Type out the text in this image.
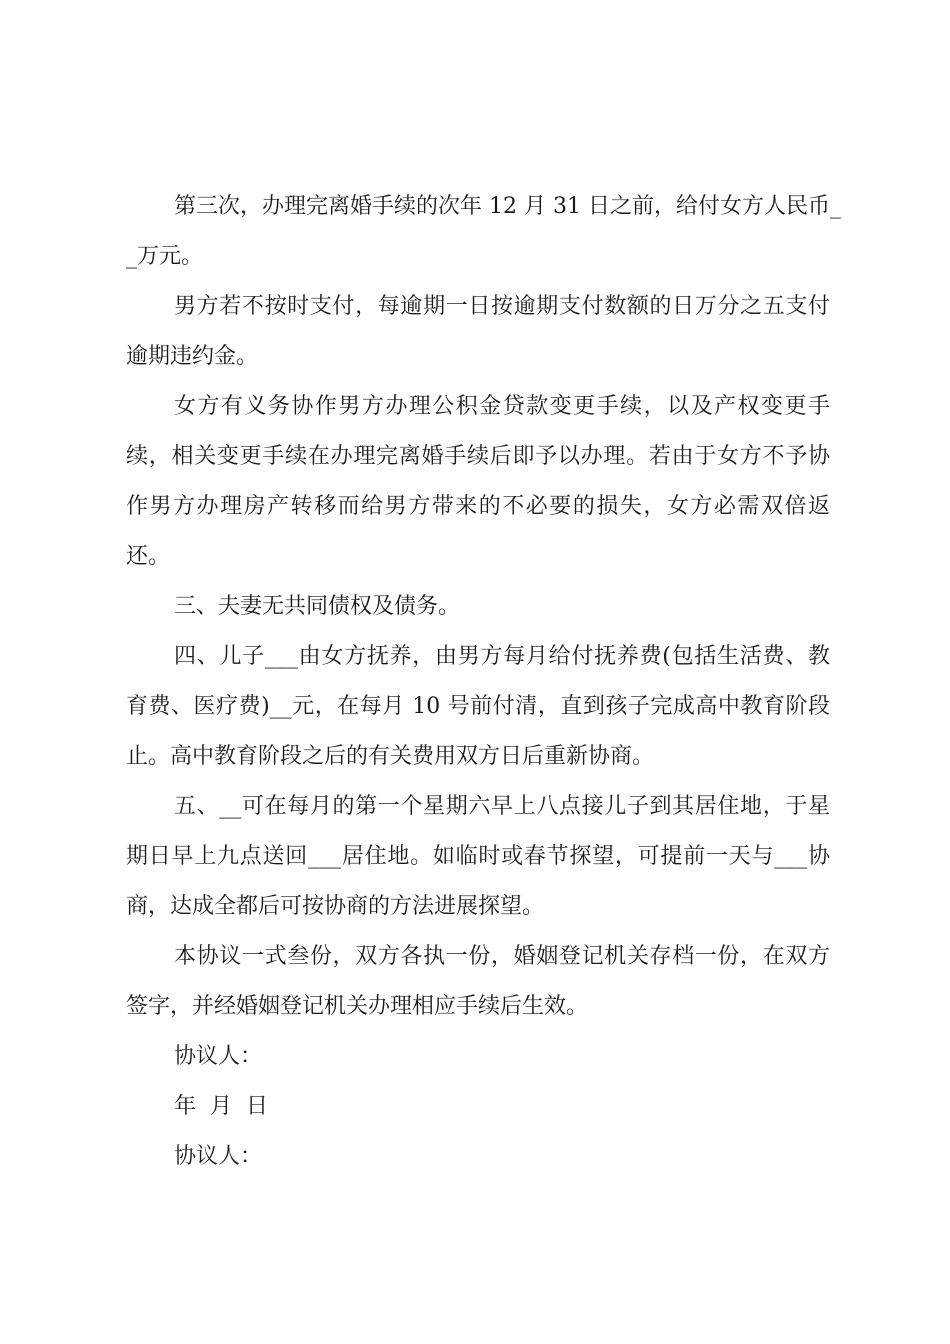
第三次，办理完离婚手续的次年 12 月 31 日之前，给付女方人民币_

_万元。

男方若不按时支付，每逾期一日按逾期支付数额的日万分之五支付

逾期违约金。

女方有义务协作男方办理公积金贷款变更手续，以及产权变更手

续，相关变更手续在办理完离婚手续后即予以办理。若由于女方不予协

作男方办理房产转移而给男方带来的不必要的损失，女方必需双倍返

还。

三、夫妻无共同债权及债务。

四、儿子___由女方抚养，由男方每月给付抚养费(包括生活费、教

育费、医疗费)__元，在每月 10 号前付清，直到孩子完成高中教育阶段

止。高中教育阶段之后的有关费用双方日后重新协商。

五、__可在每月的第一个星期六早上八点接儿子到其居住地，于星

期日早上九点送回___居住地。如临时或春节探望，可提前一天与___协

商，达成全都后可按协商的方法进展探望。

本协议一式叁份，双方各执一份，婚姻登记机关存档一份，在双方

签字，并经婚姻登记机关办理相应手续后生效。

协议人：

年  月  日

协议人：
